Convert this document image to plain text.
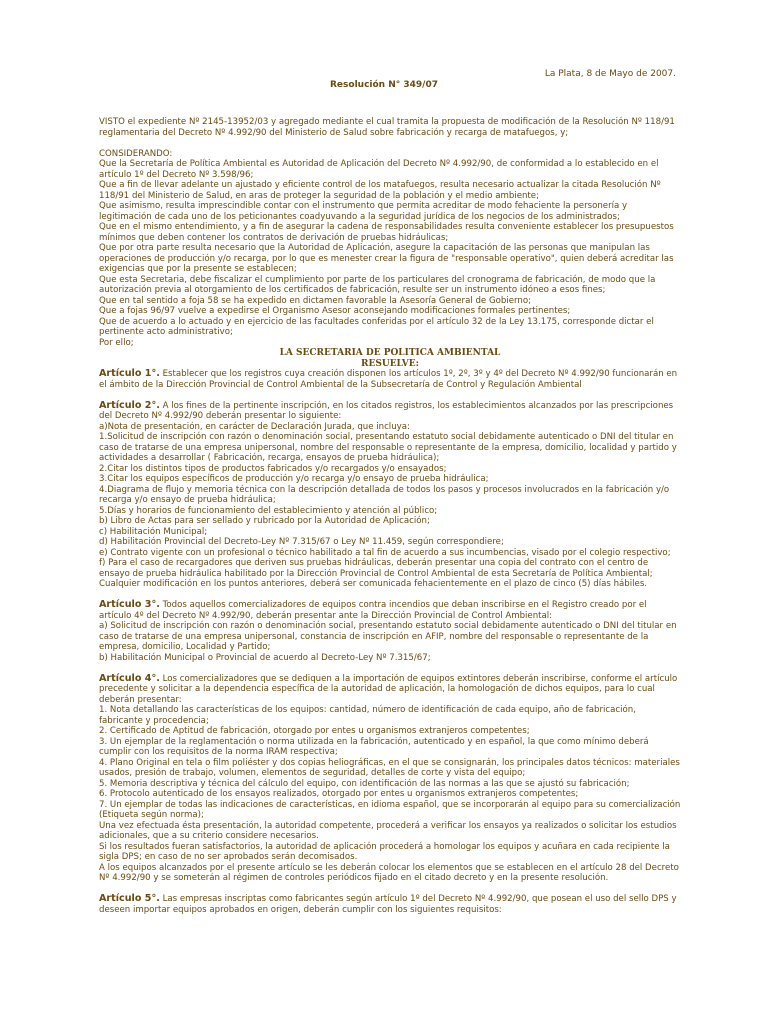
La Plata, 8 de Mayo de 2007.
Resolución N° 349/07

VISTO el expediente Nº 2145-13952/03 y agregado mediante el cual tramita la propuesta de modificación de la Resolución Nº 118/91 reglamentaria del Decreto Nº 4.992/90 del Ministerio de Salud sobre fabricación y recarga de matafuegos, y;

CONSIDERANDO:

Que la Secretaría de Política Ambiental es Autoridad de Aplicación del Decreto Nº 4.992/90, de conformidad a lo establecido en el artículo 1º del Decreto Nº 3.598/96;

Que a fin de llevar adelante un ajustado y eficiente control de los matafuegos, resulta necesario actualizar la citada Resolución Nº 118/91 del Ministerio de Salud, en aras de proteger la seguridad de la población y el medio ambiente;

Que asimismo, resulta imprescindible contar con el instrumento que permita acreditar de modo fehaciente la personería y legitimación de cada uno de los peticionantes coadyuvando a la seguridad jurídica de los negocios de los administrados;

Que en el mismo entendimiento, y a fin de asegurar la cadena de responsabilidades resulta conveniente establecer los presupuestos mínimos que deben contener los contratos de derivación de pruebas hidráulicas;

Que por otra parte resulta necesario que la Autoridad de Aplicación, asegure la capacitación de las personas que manipulan las operaciones de producción y/o recarga, por lo que es menester crear la figura de "responsable operativo", quien deberá acreditar las exigencias que por la presente se establecen;

Que esta Secretaria, debe fiscalizar el cumplimiento por parte de los particulares del cronograma de fabricación, de modo que la autorización previa al otorgamiento de los certificados de fabricación, resulte ser un instrumento idóneo a esos fines;

Que en tal sentido a foja 58 se ha expedido en dictamen favorable la Asesoría General de Gobierno;

Que a fojas 96/97 vuelve a expedirse el Organismo Asesor aconsejando modificaciones formales pertinentes;

Que de acuerdo a lo actuado y en ejercicio de las facultades conferidas por el artículo 32 de la Ley 13.175, corresponde dictar el pertinente acto administrativo;

Por ello;

LA SECRETARIA DE POLITICA AMBIENTAL

RESUELVE:

Artículo 1°. Establecer que los registros cuya creación disponen los artículos 1º, 2º, 3º y 4º del Decreto Nº 4.992/90 funcionarán en el ámbito de la Dirección Provincial de Control Ambiental de la Subsecretaría de Control y Regulación Ambiental

Artículo 2°. A los fines de la pertinente inscripción, en los citados registros, los establecimientos alcanzados por las prescripciones del Decreto Nº 4.992/90 deberán presentar lo siguiente:

a)Nota de presentación, en carácter de Declaración Jurada, que incluya:

1.Solicitud de inscripción con razón o denominación social, presentando estatuto social debidamente autenticado o DNI del titular en caso de tratarse de una empresa unipersonal, nombre del responsable o representante de la empresa, domicilio, localidad y partido y actividades a desarrollar ( Fabricación, recarga, ensayos de prueba hidráulica);

2.Citar los distintos tipos de productos fabricados y/o recargados y/o ensayados;

3.Citar los equipos específicos de producción y/o recarga y/o ensayo de prueba hidráulica;

4.Diagrama de flujo y memoria técnica con la descripción detallada de todos los pasos y procesos involucrados en la fabricación y/o recarga y/o ensayo de prueba hidráulica;

5.Días y horarios de funcionamiento del establecimiento y atención al público;

b) Libro de Actas para ser sellado y rubricado por la Autoridad de Aplicación;

c) Habilitación Municipal;

d) Habilitación Provincial del Decreto-Ley Nº 7.315/67 o Ley Nº 11.459, según correspondiere;

e) Contrato vigente con un profesional o técnico habilitado a tal fin de acuerdo a sus incumbencias, visado por el colegio respectivo;

f) Para el caso de recargadores que deriven sus pruebas hidráulicas, deberán presentar una copia del contrato con el centro de ensayo de prueba hidráulica habilitado por la Dirección Provincial de Control Ambiental de esta Secretaría de Política Ambiental;

Cualquier modificación en los puntos anteriores, deberá ser comunicada fehacientemente en el plazo de cinco (5) días hábiles.

Artículo 3°. Todos aquellos comercializadores de equipos contra incendios que deban inscribirse en el Registro creado por el artículo 4º del Decreto Nº 4.992/90, deberán presentar ante la Dirección Provincial de Control Ambiental:

a) Solicitud de inscripción con razón o denominación social, presentando estatuto social debidamente autenticado o DNI del titular en caso de tratarse de una empresa unipersonal, constancia de inscripción en AFIP, nombre del responsable o representante de la empresa, domicilio, Localidad y Partido;

b) Habilitación Municipal o Provincial de acuerdo al Decreto-Ley Nº 7.315/67;

Artículo 4°. Los comercializadores que se dediquen a la importación de equipos extintores deberán inscribirse, conforme el artículo precedente y solicitar a la dependencia específica de la autoridad de aplicación, la homologación de dichos equipos, para lo cual deberán presentar:

1. Nota detallando las características de los equipos: cantidad, número de identificación de cada equipo, año de fabricación, fabricante y procedencia;

2. Certificado de Aptitud de fabricación, otorgado por entes u organismos extranjeros competentes;

3. Un ejemplar de la reglamentación o norma utilizada en la fabricación, autenticado y en español, la que como mínimo deberá cumplir con los requisitos de la norma IRAM respectiva;

4. Plano Original en tela o film poliéster y dos copias heliográficas, en el que se consignarán, los principales datos técnicos: materiales usados, presión de trabajo, volumen, elementos de seguridad, detalles de corte y vista del equipo;

5. Memoria descriptiva y técnica del cálculo del equipo, con identificación de las normas a las que se ajustó su fabricación;

6. Protocolo autenticado de los ensayos realizados, otorgado por entes u organismos extranjeros competentes;

7. Un ejemplar de todas las indicaciones de características, en idioma español, que se incorporarán al equipo para su comercialización (Etiqueta según norma);

Una vez efectuada ésta presentación, la autoridad competente, procederá a verificar los ensayos ya realizados o solicitar los estudios adicionales, que a su criterio considere necesarios.

Si los resultados fueran satisfactorios, la autoridad de aplicación procederá a homologar los equipos y acuñara en cada recipiente la sigla DPS; en caso de no ser aprobados serán decomisados.

A los equipos alcanzados por el presente artículo se les deberán colocar los elementos que se establecen en el artículo 28 del Decreto Nº 4.992/90 y se someterán al régimen de controles periódicos fijado en el citado decreto y en la presente resolución.

Artículo 5°. Las empresas inscriptas como fabricantes según artículo 1º del Decreto Nº 4.992/90, que posean el uso del sello DPS y deseen importar equipos aprobados en origen, deberán cumplir con los siguientes requisitos:
